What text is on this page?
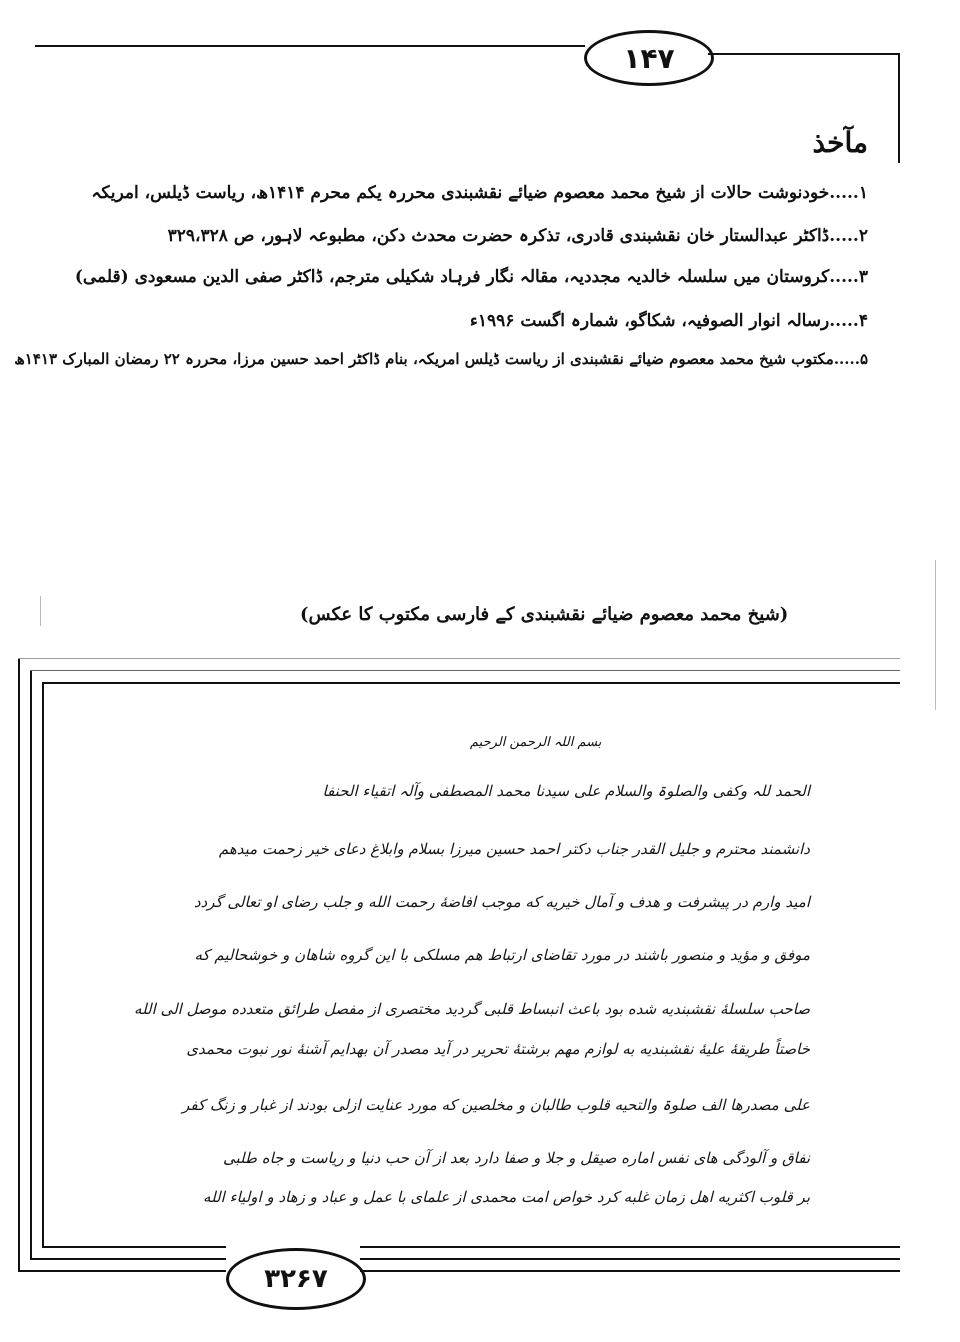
۱۴۷
۳۲۶۷
مآخذ
۱.....خودنوشت حالات از شیخ محمد معصوم ضیائے نقشبندی محررہ یکم محرم ۱۴۱۴ھ، ریاست ڈیلس، امریکہ
۲.....ڈاکٹر عبدالستار خان نقشبندی قادری، تذکرہ حضرت محدث دکن، مطبوعہ لاہور، ص ۳۲۹،۳۲۸
۳.....کروستان میں سلسلہ خالدیہ مجددیہ، مقالہ نگار فرہاد شکیلی مترجم، ڈاکٹر صفی الدین مسعودی (قلمی)
۴.....رسالہ انوار الصوفیہ، شکاگو، شمارہ اگست ۱۹۹۶ء
۵.....مکتوب شیخ محمد معصوم ضیائے نقشبندی از ریاست ڈیلس امریکہ، بنام ڈاکٹر احمد حسین مرزا، محررہ ۲۲ رمضان المبارک ۱۴۱۳ھ
(شیخ محمد معصوم ضیائے نقشبندی کے فارسی مکتوب کا عکس)
بسم اللہ الرحمن الرحیم
الحمد للہ وکفی والصلوۃ والسلام علی سیدنا محمد المصطفی وآلہ اتقیاء الحنفا
دانشمند محترم و جلیل القدر جناب دکتر احمد حسین میرزا بسلام وابلاغ دعای خیر زحمت میدهم
امید وارم در پیشرفت و هدف و آمال خیریه که موجب افاضهٔ رحمت الله و جلب رضای او تعالی گردد
موفق و مؤید و منصور باشند در مورد تقاضای ارتباط هم مسلکی با این گروه شاهان و خوشحالیم که
صاحب سلسلهٔ نقشبندیه شده بود باعث انبساط قلبی گردید مختصری از مفصل طرائق متعدده موصل الی الله
خاصتاً طریقهٔ علیهٔ نقشبندیه به لوازم مهم برشتهٔ تحریر در آید مصدر آن بهدایم آشنهٔ نور نبوت محمدی
علی مصدرها الف صلوۃ والتحیه قلوب طالبان و مخلصین که مورد عنایت ازلی بودند از غبار و زنگ کفر
نفاق و آلودگی های نفس اماره صیقل و جلا و صفا دارد بعد از آن حب دنیا و ریاست و جاه طلبی
بر قلوب اکثریه اهل زمان غلبه کرد خواص امت محمدی از علمای با عمل و عباد و زهاد و اولیاء الله
